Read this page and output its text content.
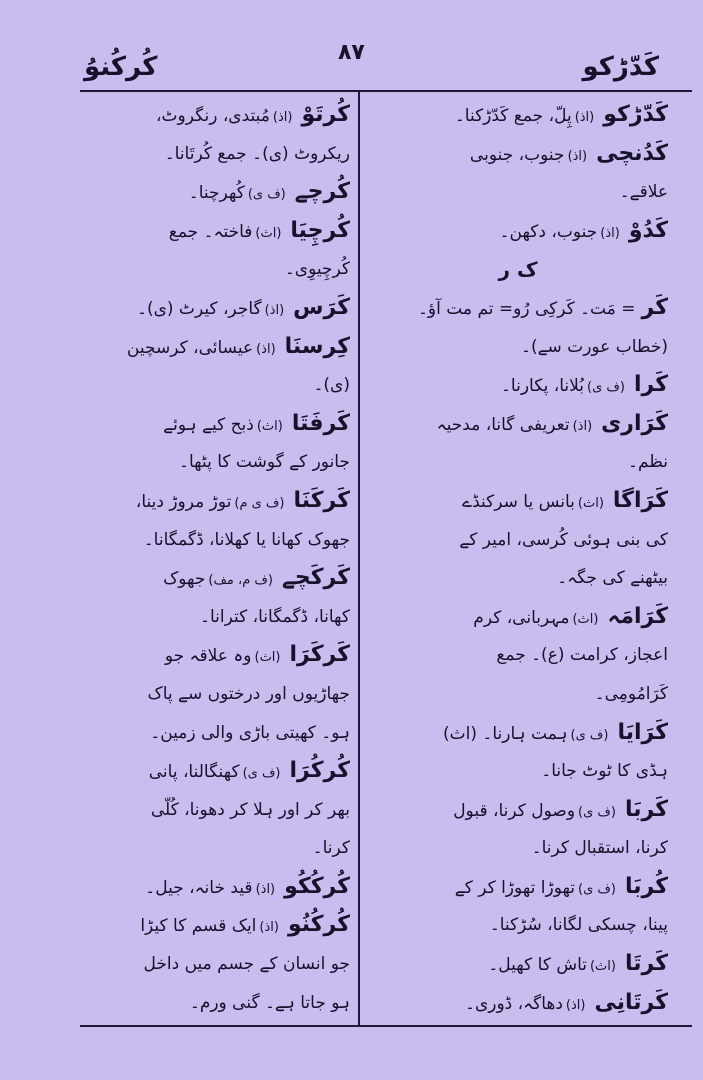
کَدّڑکو
۸۷
کُرکُنوُ
کَدّڑکو(اذ)پِلّ، جمع کَدّڑکنا۔
کَدُنچی(اذ)جنوب، جنوبی
علاقے۔
کَدُوْ(اذ)جنوب، دکھن۔
ک ر
کَر= مَت۔ کَرکِی رُو= تم مت آؤ۔
(خطاب عورت سے)۔
کَرا(ف ی)بُلانا، پکارنا۔
کَرَاری(اذ)تعریفی گانا، مدحیہ
نظم۔
کَرَاگا(اث)بانس یا سرکنڈے
کی بنی ہوئی کُرسی، امیر کے
بیٹھنے کی جگہ۔
کَرَامَہ(اث)مہربانی، کرم
اعجاز، کرامت (ع)۔ جمع
کَرَامُومِی۔
کَرَایَا(ف ی)ہمت ہارنا۔ (اث)
ہڈی کا ٹوٹ جانا۔
کَربَا(ف ی)وصول کرنا، قبول
کرنا، استقبال کرنا۔
کُربَا(ف ی)تھوڑا تھوڑا کر کے
پینا، چسکی لگانا، سُڑکنا۔
کَرتَا(اث)تاش کا کھیل۔
کَرتَانِی(اذ)دھاگہ، ڈوری۔
کُرتَوْ(اذ)مُبتدی، رنگروٹ،
ریکروٹ (ی)۔ جمع کُرتَانا۔
کُرچے(ف ی)کُھرچنا۔
کُرچِیَا(اث)فاختہ۔ جمع
کُرچِیوِی۔
کَرَس(اذ)گاجر، کیرٹ (ی)۔
کِرسنَا(اذ)عیسائی، کرسچین
(ی)۔
کَرفَتَا(اث)ذبح کیے ہوئے
جانور کے گوشت کا پٹھا۔
کَرکَنَا(ف ی م)توڑ مروڑ دینا،
جھوک کھانا یا کھلانا، ڈگمگانا۔
کَرکَچے(ف م، مف)جھوک
کھانا، ڈگمگانا، کترانا۔
کَرکَرَا(اث)وہ علاقہ جو
جھاڑیوں اور درختوں سے پاک
ہو۔ کھیتی باڑی والی زمین۔
کُرکُرَا(ف ی)کھنگالنا، پانی
بھر کر اور ہلا کر دھونا، کُلّی
کرنا۔
کُرکُکُو(اذ)قید خانہ، جیل۔
کُرکُنُو(اذ)ایک قسم کا کیڑا
جو انسان کے جسم میں داخل
ہو جاتا ہے۔ گنی ورم۔
